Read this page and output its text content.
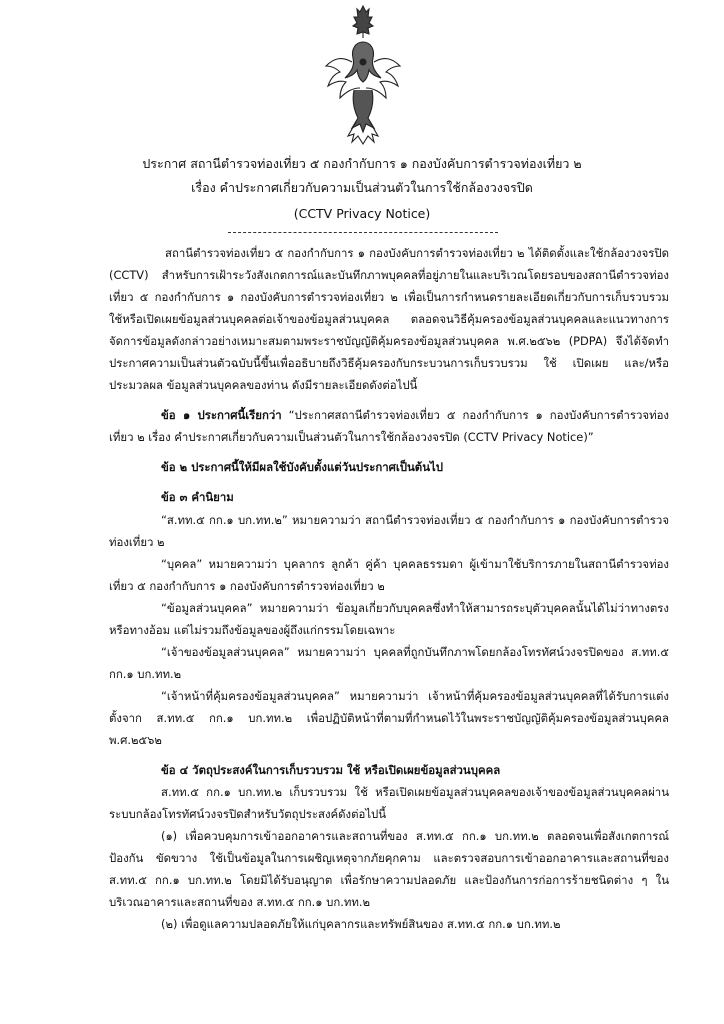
ประกาศ สถานีตำรวจท่องเที่ยว ๕ กองกำกับการ ๑ กองบังคับการตำรวจท่องเที่ยว ๒
เรื่อง คำประกาศเกี่ยวกับความเป็นส่วนตัวในการใช้กล้องวงจรปิด
(CCTV Privacy Notice)

สถานีตำรวจท่องเที่ยว ๕ กองกำกับการ ๑ กองบังคับการตำรวจท่องเที่ยว ๒ ได้ติดตั้งและใช้กล้องวงจรปิด (CCTV) สำหรับการเฝ้าระวังสังเกตการณ์และบันทึกภาพบุคคลที่อยู่ภายในและบริเวณโดยรอบของสถานีตำรวจท่องเที่ยว ๕ กองกำกับการ ๑ กองบังคับการตำรวจท่องเที่ยว ๒ เพื่อเป็นการกำหนดรายละเอียดเกี่ยวกับการเก็บรวบรวม ใช้หรือเปิดเผยข้อมูลส่วนบุคคลต่อเจ้าของข้อมูลส่วนบุคคล ตลอดจนวิธีคุ้มครองข้อมูลส่วนบุคคลและแนวทางการจัดการข้อมูลดังกล่าวอย่างเหมาะสมตามพระราชบัญญัติคุ้มครองข้อมูลส่วนบุคคล พ.ศ.๒๕๖๒ (PDPA) จึงได้จัดทำประกาศความเป็นส่วนตัวฉบับนี้ขึ้นเพื่ออธิบายถึงวิธีคุ้มครองกับกระบวนการเก็บรวบรวม ใช้ เปิดเผย และ/หรือ ประมวลผล ข้อมูลส่วนบุคคลของท่าน ดังมีรายละเอียดดังต่อไปนี้

ข้อ ๑ ประกาศนี้เรียกว่า “ประกาศสถานีตำรวจท่องเที่ยว ๕ กองกำกับการ ๑ กองบังคับการตำรวจท่องเที่ยว ๒ เรื่อง คำประกาศเกี่ยวกับความเป็นส่วนตัวในการใช้กล้องวงจรปิด (CCTV Privacy Notice)”

ข้อ ๒ ประกาศนี้ให้มีผลใช้บังคับตั้งแต่วันประกาศเป็นต้นไป

ข้อ ๓ คำนิยาม

“ส.ทท.๕ กก.๑ บก.ทท.๒” หมายความว่า สถานีตำรวจท่องเที่ยว ๕ กองกำกับการ ๑ กองบังคับการตำรวจท่องเที่ยว ๒

“บุคคล” หมายความว่า บุคลากร ลูกค้า คู่ค้า บุคคลธรรมดา ผู้เข้ามาใช้บริการภายในสถานีตำรวจท่องเที่ยว ๕ กองกำกับการ ๑ กองบังคับการตำรวจท่องเที่ยว ๒

“ข้อมูลส่วนบุคคล” หมายความว่า ข้อมูลเกี่ยวกับบุคคลซึ่งทำให้สามารถระบุตัวบุคคลนั้นได้ไม่ว่าทางตรงหรือทางอ้อม แต่ไม่รวมถึงข้อมูลของผู้ถึงแก่กรรมโดยเฉพาะ

“เจ้าของข้อมูลส่วนบุคคล” หมายความว่า บุคคลที่ถูกบันทึกภาพโดยกล้องโทรทัศน์วงจรปิดของ ส.ทท.๕ กก.๑ บก.ทท.๒

“เจ้าหน้าที่คุ้มครองข้อมูลส่วนบุคคล” หมายความว่า เจ้าหน้าที่คุ้มครองข้อมูลส่วนบุคคลที่ได้รับการแต่งตั้งจาก ส.ทท.๕ กก.๑ บก.ทท.๒ เพื่อปฏิบัติหน้าที่ตามที่กำหนดไว้ในพระราชบัญญัติคุ้มครองข้อมูลส่วนบุคคล พ.ศ.๒๕๖๒

ข้อ ๔ วัตถุประสงค์ในการเก็บรวบรวม ใช้ หรือเปิดเผยข้อมูลส่วนบุคคล

ส.ทท.๕ กก.๑ บก.ทท.๒ เก็บรวบรวม ใช้ หรือเปิดเผยข้อมูลส่วนบุคคลของเจ้าของข้อมูลส่วนบุคคลผ่านระบบกล้องโทรทัศน์วงจรปิดสำหรับวัตถุประสงค์ดังต่อไปนี้

(๑) เพื่อควบคุมการเข้าออกอาคารและสถานที่ของ ส.ทท.๕ กก.๑ บก.ทท.๒ ตลอดจนเพื่อสังเกตการณ์ ป้องกัน ขัดขวาง ใช้เป็นข้อมูลในการเผชิญเหตุจากภัยคุกคาม และตรวจสอบการเข้าออกอาคารและสถานที่ของ ส.ทท.๕ กก.๑ บก.ทท.๒ โดยมิได้รับอนุญาต เพื่อรักษาความปลอดภัย และป้องกันการก่อการร้ายชนิดต่าง ๆ ในบริเวณอาคารและสถานที่ของ ส.ทท.๕ กก.๑ บก.ทท.๒

(๒) เพื่อดูแลความปลอดภัยให้แก่บุคลากรและทรัพย์สินของ ส.ทท.๕ กก.๑ บก.ทท.๒
